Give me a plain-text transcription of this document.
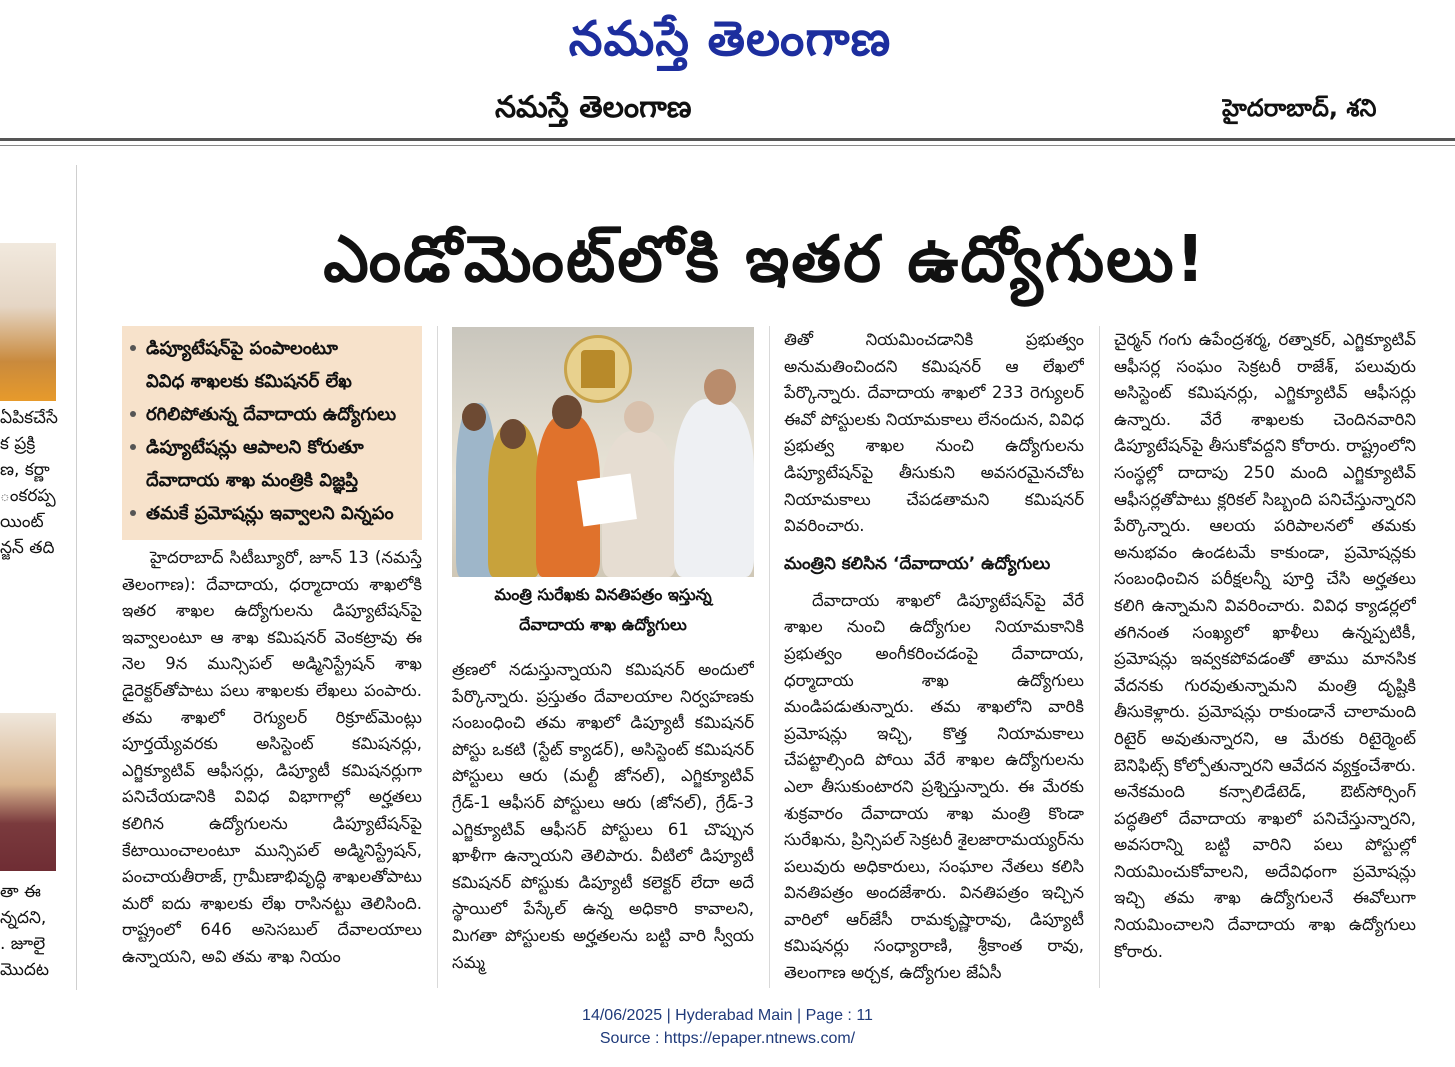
నమస్తే తెలంగాణ
నమస్తే తెలంగాణ	హైదరాబాద్, శని
ఏపికచేసే
క ప్రక్రి
ణ, కర్ణా
ంకరప్ప
యింట్
న్జన్ తది
తా ఈ
న్నదని,
. జూలై
మొదట
ఎండోమెంట్‌లోకి ఇతర ఉద్యోగులు!
డిప్యూటేషన్‌పై పంపాలంటూ
వివిధ శాఖలకు కమిషనర్ లేఖ
రగిలిపోతున్న దేవాదాయ ఉద్యోగులు
డిప్యూటేషన్లు ఆపాలని కోరుతూ
దేవాదాయ శాఖ మంత్రికి విజ్ఞప్తి
తమకే ప్రమోషన్లు ఇవ్వాలని విన్నపం

హైదరాబాద్ సిటీబ్యూరో, జూన్ 13 (నమస్తే తెలంగాణ): దేవాదాయ, ధర్మాదాయ శాఖలోకి ఇతర శాఖల ఉద్యోగులను డిప్యూటేషన్‌పై ఇవ్వాలంటూ ఆ శాఖ కమిషనర్ వెంకట్రావు ఈ నెల 9న మున్సిపల్ అడ్మినిస్ట్రేషన్ శాఖ డైరెక్టర్‌తోపాటు పలు శాఖలకు లేఖలు పంపారు. తమ శాఖలో రెగ్యులర్ రిక్రూట్‌మెంట్లు పూర్తయ్యేవరకు అసిస్టెంట్ కమిషనర్లు, ఎగ్జిక్యూటివ్ ఆఫీసర్లు, డిప్యూటీ కమిషనర్లుగా పనిచేయడానికి వివిధ విభాగాల్లో అర్హతలు కలిగిన ఉద్యోగులను డిప్యూటేషన్‌పై కేటాయించాలంటూ మున్సిపల్ అడ్మినిస్ట్రేషన్, పంచాయతీరాజ్, గ్రామీణాభివృద్ధి శాఖలతోపాటు మరో ఐదు శాఖలకు లేఖ రాసినట్టు తెలిసింది. రాష్ట్రంలో 646 అసెసబుల్ దేవాలయాలు ఉన్నాయని, అవి తమ శాఖ నియం

మంత్రి సురేఖకు వినతిపత్రం ఇస్తున్న
దేవాదాయ శాఖ ఉద్యోగులు

త్రణలో నడుస్తున్నాయని కమిషనర్ అందులో పేర్కొన్నారు. ప్రస్తుతం దేవాలయాల నిర్వహణకు సంబంధించి తమ శాఖలో డిప్యూటీ కమిషనర్ పోస్టు ఒకటి (స్టేట్ క్యాడర్), అసిస్టెంట్ కమిషనర్ పోస్టులు ఆరు (మల్టీ జోనల్), ఎగ్జిక్యూటివ్ గ్రేడ్-1 ఆఫీసర్ పోస్టులు ఆరు (జోనల్), గ్రేడ్-3 ఎగ్జిక్యూటివ్ ఆఫీసర్ పోస్టులు 61 చొప్పున ఖాళీగా ఉన్నాయని తెలిపారు. వీటిలో డిప్యూటీ కమిషనర్ పోస్టుకు డిప్యూటీ కలెక్టర్ లేదా అదే స్థాయిలో పేస్కేల్ ఉన్న అధికారి కావాలని, మిగతా పోస్టులకు అర్హతలను బట్టి వారి స్వీయ సమ్మ

తితో నియమించడానికి ప్రభుత్వం అనుమతించిందని కమిషనర్ ఆ లేఖలో పేర్కొన్నారు. దేవాదాయ శాఖలో 233 రెగ్యులర్ ఈవో పోస్టులకు నియామకాలు లేనందున, వివిధ ప్రభుత్వ శాఖల నుంచి ఉద్యోగులను డిప్యూటేషన్‌పై తీసుకుని అవసరమైనచోట నియామకాలు చేపడతామని కమిషనర్ వివరించారు.

మంత్రిని కలిసిన ‘దేవాదాయ’ ఉద్యోగులు

దేవాదాయ శాఖలో డిప్యూటేషన్‌పై వేరే శాఖల నుంచి ఉద్యోగుల నియామకానికి ప్రభుత్వం అంగీకరించడంపై దేవాదాయ, ధర్మాదాయ శాఖ ఉద్యోగులు మండిపడుతున్నారు. తమ శాఖలోని వారికి ప్రమోషన్లు ఇచ్చి, కొత్త నియామకాలు చేపట్టాల్సింది పోయి వేరే శాఖల ఉద్యోగులను ఎలా తీసుకుంటారని ప్రశ్నిస్తున్నారు. ఈ మేరకు శుక్రవారం దేవాదాయ శాఖ మంత్రి కొండా సురేఖను, ప్రిన్సిపల్ సెక్రటరీ శైలజారామయ్యర్‌ను పలువురు అధికారులు, సంఘాల నేతలు కలిసి వినతిపత్రం అందజేశారు. వినతిపత్రం ఇచ్చిన వారిలో ఆర్‌జేసీ రామకృష్ణారావు, డిప్యూటీ కమిషనర్లు సంధ్యారాణి, శ్రీకాంత రావు, తెలంగాణ అర్చక, ఉద్యోగుల జేఏసీ

చైర్మన్ గంగు ఉపేంద్రశర్మ, రత్నాకర్, ఎగ్జిక్యూటివ్ ఆఫీసర్ల సంఘం సెక్రటరీ రాజేశ్, పలువురు అసిస్టెంట్ కమిషనర్లు, ఎగ్జిక్యూటివ్ ఆఫీసర్లు ఉన్నారు. వేరే శాఖలకు చెందినవారిని డిప్యూటేషన్‌పై తీసుకోవద్దని కోరారు. రాష్ట్రంలోని సంస్థల్లో దాదాపు 250 మంది ఎగ్జిక్యూటివ్ ఆఫీసర్లతోపాటు క్లరికల్ సిబ్బంది పనిచేస్తున్నారని పేర్కొన్నారు. ఆలయ పరిపాలనలో తమకు అనుభవం ఉండటమే కాకుండా, ప్రమోషన్లకు సంబంధించిన పరీక్షలన్నీ పూర్తి చేసి అర్హతలు కలిగి ఉన్నామని వివరించారు. వివిధ క్యాడర్లలో తగినంత సంఖ్యలో ఖాళీలు ఉన్నప్పటికీ, ప్రమోషన్లు ఇవ్వకపోవడంతో తాము మానసిక వేదనకు గురవుతున్నామని మంత్రి దృష్టికి తీసుకెళ్లారు. ప్రమోషన్లు రాకుండానే చాలామంది రిటైర్ అవుతున్నారని, ఆ మేరకు రిటైర్మెంట్ బెనిఫిట్స్ కోల్పోతున్నారని ఆవేదన వ్యక్తంచేశారు. అనేకమంది కన్సాలిడేటెడ్, ఔట్‌సోర్సింగ్ పద్ధతిలో దేవాదాయ శాఖలో పనిచేస్తున్నారని, అవసరాన్ని బట్టి వారిని పలు పోస్టుల్లో నియమించుకోవాలని, అదేవిధంగా ప్రమోషన్లు ఇచ్చి తమ శాఖ ఉద్యోగులనే ఈవోలుగా నియమించాలని దేవాదాయ శాఖ ఉద్యోగులు కోరారు.

14/06/2025 | Hyderabad Main | Page : 11
Source : https://epaper.ntnews.com/
